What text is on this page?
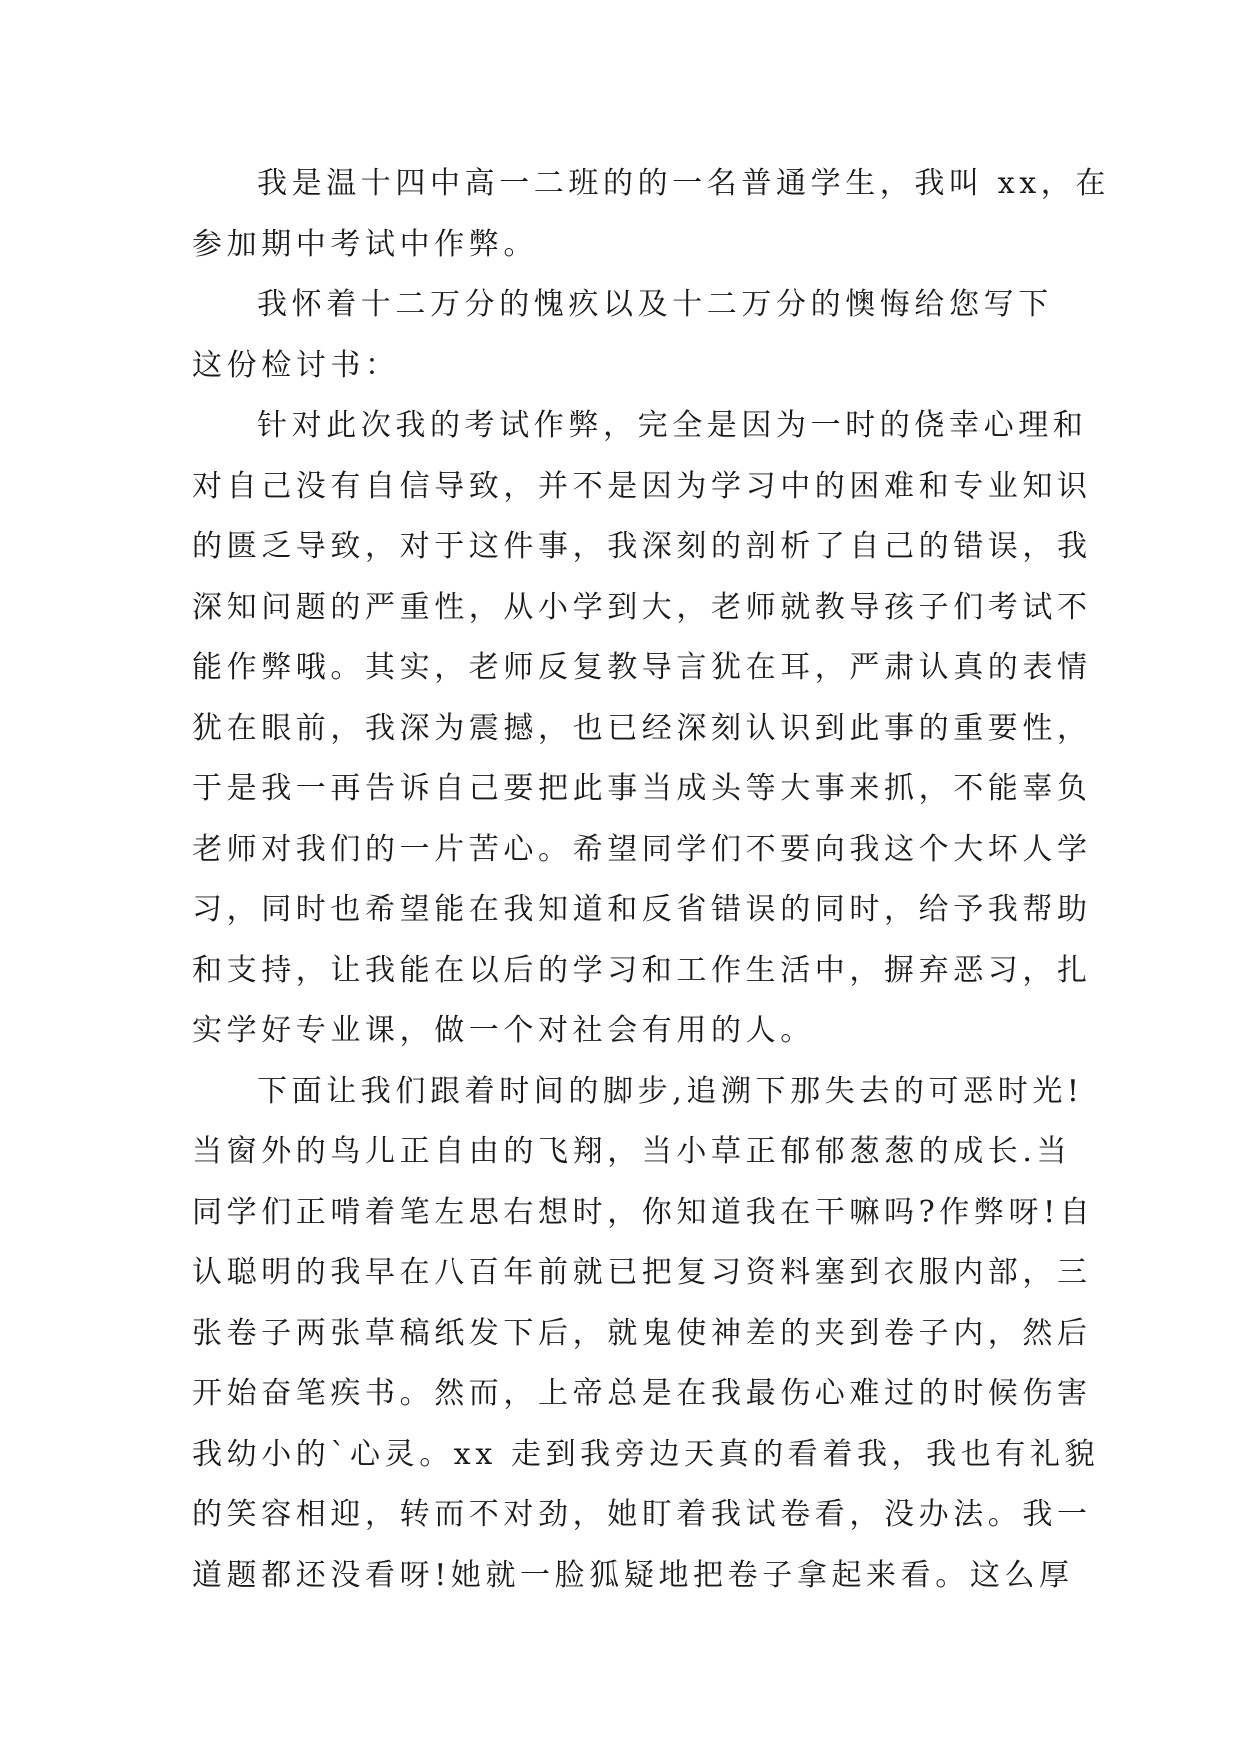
我是温十四中高一二班的的一名普通学生，我叫 xx，在
参加期中考试中作弊。
我怀着十二万分的愧疚以及十二万分的懊悔给您写下
这份检讨书：
针对此次我的考试作弊，完全是因为一时的侥幸心理和
对自己没有自信导致，并不是因为学习中的困难和专业知识
的匮乏导致，对于这件事，我深刻的剖析了自己的错误，我
深知问题的严重性，从小学到大，老师就教导孩子们考试不
能作弊哦。其实，老师反复教导言犹在耳，严肃认真的表情
犹在眼前，我深为震撼，也已经深刻认识到此事的重要性，
于是我一再告诉自己要把此事当成头等大事来抓，不能辜负
老师对我们的一片苦心。希望同学们不要向我这个大坏人学
习，同时也希望能在我知道和反省错误的同时，给予我帮助
和支持，让我能在以后的学习和工作生活中，摒弃恶习，扎
实学好专业课，做一个对社会有用的人。
下面让我们跟着时间的脚步,追溯下那失去的可恶时光!
当窗外的鸟儿正自由的飞翔，当小草正郁郁葱葱的成长.当
同学们正啃着笔左思右想时，你知道我在干嘛吗?作弊呀!自
认聪明的我早在八百年前就已把复习资料塞到衣服内部，三
张卷子两张草稿纸发下后，就鬼使神差的夹到卷子内，然后
开始奋笔疾书。然而，上帝总是在我最伤心难过的时候伤害
我幼小的`心灵。xx 走到我旁边天真的看着我，我也有礼貌
的笑容相迎，转而不对劲，她盯着我试卷看，没办法。我一
道题都还没看呀!她就一脸狐疑地把卷子拿起来看。这么厚
